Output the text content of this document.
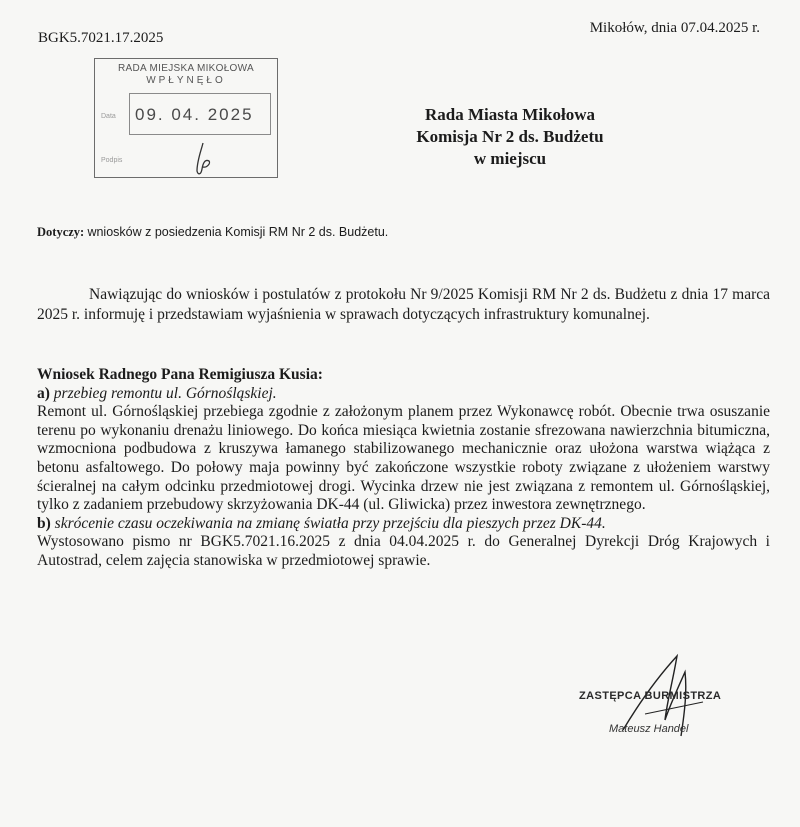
BGK5.7021.17.2025
Mikołów, dnia 07.04.2025 r.
RADA MIEJSKA MIKOŁOWA
WPŁYNĘŁO
Data 09. 04. 2025
Podpis
Rada Miasta Mikołowa
Komisja Nr 2 ds. Budżetu
w miejscu
Dotyczy: wniosków z posiedzenia Komisji RM Nr 2 ds. Budżetu.
Nawiązując do wniosków i postulatów z protokołu Nr 9/2025 Komisji RM Nr 2 ds. Budżetu z dnia 17 marca 2025 r. informuję i przedstawiam wyjaśnienia w sprawach dotyczących infrastruktury komunalnej.

Wniosek Radnego Pana Remigiusza Kusia:

a) przebieg remontu ul. Górnośląskiej.

Remont ul. Górnośląskiej przebiega zgodnie z założonym planem przez Wykonawcę robót. Obecnie trwa osuszanie terenu po wykonaniu drenażu liniowego. Do końca miesiąca kwietnia zostanie sfrezowana nawierzchnia bitumiczna, wzmocniona podbudowa z kruszywa łamanego stabilizowanego mechanicznie oraz ułożona warstwa wiążąca z betonu asfaltowego. Do połowy maja powinny być zakończone wszystkie roboty związane z ułożeniem warstwy ścieralnej na całym odcinku przedmiotowej drogi. Wycinka drzew nie jest związana z remontem ul. Górnośląskiej, tylko z zadaniem przebudowy skrzyżowania DK-44 (ul. Gliwicka) przez inwestora zewnętrznego.

b) skrócenie czasu oczekiwania na zmianę światła przy przejściu dla pieszych przez DK-44.

Wystosowano pismo nr BGK5.7021.16.2025 z dnia 04.04.2025 r. do Generalnej Dyrekcji Dróg Krajowych i Autostrad, celem zajęcia stanowiska w przedmiotowej sprawie.

ZASTĘPCA BURMISTRZA
Mateusz Handel
